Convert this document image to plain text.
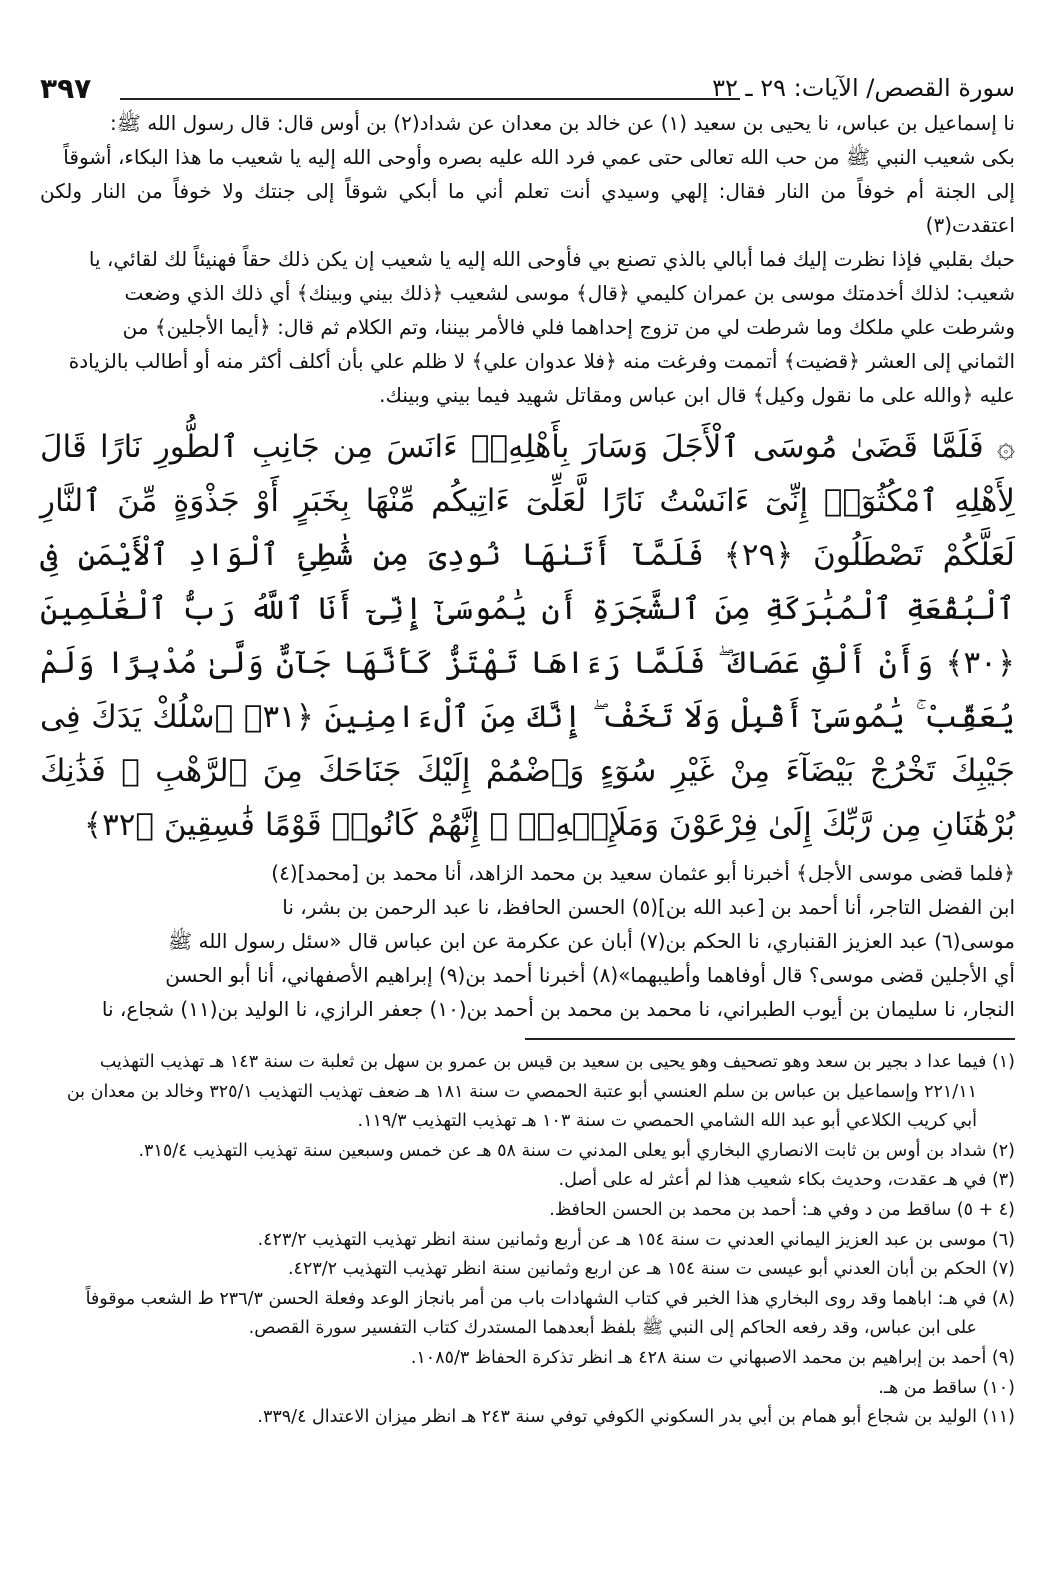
سورة القصص/ الآيات: ٢٩ ـ ٣٢
٣٩٧

نا إسماعيل بن عباس، نا يحيى بن سعيد (١) عن خالد بن معدان عن شداد(٢) بن أوس قال: قال رسول الله ﷺ:

بكى شعيب النبي ﷺ من حب الله تعالى حتى عمي فرد الله عليه بصره وأوحى الله إليه يا شعيب ما هذا البكاء، أشوقاً

إلى الجنة أم خوفاً من النار فقال: إلهي وسيدي أنت تعلم أني ما أبكي شوقاً إلى جنتك ولا خوفاً من النار ولكن اعتقدت(٣)

حبك بقلبي فإذا نظرت إليك فما أبالي بالذي تصنع بي فأوحى الله إليه يا شعيب إن يكن ذلك حقاً فهنيئاً لك لقائي، يا

شعيب: لذلك أخدمتك موسى بن عمران كليمي ﴿قال﴾ موسى لشعيب ﴿ذلك بيني وبينك﴾ أي ذلك الذي وضعت

وشرطت علي ملكك وما شرطت لي من تزوج إحداهما فلي فالأمر بيننا، وتم الكلام ثم قال: ﴿أيما الأجلين﴾ من

الثماني إلى العشر ﴿قضيت﴾ أتممت وفرغت منه ﴿فلا عدوان علي﴾ لا ظلم علي بأن أكلف أكثر منه أو أطالب بالزيادة

عليه ﴿والله على ما نقول وكيل﴾ قال ابن عباس ومقاتل شهيد فيما بيني وبينك.

۞ فَلَمَّا قَضَىٰ مُوسَى ٱلْأَجَلَ وَسَارَ بِأَهْلِهِۦٓ ءَانَسَ مِن جَانِبِ ٱلطُّورِ نَارًا قَالَ لِأَهْلِهِ ٱمْكُثُوٓا۟ إِنِّىٓ ءَانَسْتُ نَارًا لَّعَلِّىٓ ءَاتِيكُم مِّنْهَا بِخَبَرٍ أَوْ جَذْوَةٍ مِّنَ ٱلنَّارِ لَعَلَّكُمْ تَصْطَلُونَ ﴿٢٩﴾ فَلَمَّآ أَتَىٰهَا نُودِىَ مِن شَٰطِئِ ٱلْوَادِ ٱلْأَيْمَنِ فِى ٱلْبُقْعَةِ ٱلْمُبَٰرَكَةِ مِنَ ٱلشَّجَرَةِ أَن يَٰمُوسَىٰٓ إِنِّىٓ أَنَا ٱللَّهُ رَبُّ ٱلْعَٰلَمِينَ ﴿٣٠﴾ وَأَنْ أَلْقِ عَصَاكَ ۖ فَلَمَّا رَءَاهَا تَهْتَزُّ كَأَنَّهَا جَآنٌّ وَلَّىٰ مُدْبِرًا وَلَمْ يُعَقِّبْ ۚ يَٰمُوسَىٰٓ أَقْبِلْ وَلَا تَخَفْ ۖ إِنَّكَ مِنَ ٱلْءَامِنِينَ ﴿٣١﴾ ٱسْلُكْ يَدَكَ فِى جَيْبِكَ تَخْرُجْ بَيْضَآءَ مِنْ غَيْرِ سُوٓءٍ وَٱضْمُمْ إِلَيْكَ جَنَاحَكَ مِنَ ٱلرَّهْبِ ۖ فَذَٰنِكَ بُرْهَٰنَانِ مِن رَّبِّكَ إِلَىٰ فِرْعَوْنَ وَمَلَإِي۟هِۦٓ ۚ إِنَّهُمْ كَانُوا۟ قَوْمًا فَٰسِقِينَ ﴿٣٢﴾

﴿فلما قضى موسى الأجل﴾ أخبرنا أبو عثمان سعيد بن محمد الزاهد، أنا محمد بن [محمد](٤)

ابن الفضل التاجر، أنا أحمد بن [عبد الله بن](٥) الحسن الحافظ، نا عبد الرحمن بن بشر، نا

موسى(٦) عبد العزيز القنباري، نا الحكم بن(٧) أبان عن عكرمة عن ابن عباس قال «سئل رسول الله ﷺ

أي الأجلين قضى موسى؟ قال أوفاهما وأطيبهما»(٨) أخبرنا أحمد بن(٩) إبراهيم الأصفهاني، أنا أبو الحسن

النجار، نا سليمان بن أيوب الطبراني، نا محمد بن محمد بن أحمد بن(١٠) جعفر الرازي، نا الوليد بن(١١) شجاع، نا

(١) فيما عدا د بجير بن سعد وهو تصحيف وهو يحيى بن سعيد بن قيس بن عمرو بن سهل بن ثعلبة ت سنة ١٤٣ هـ تهذيب التهذيب
٢٢١/١١ وإسماعيل بن عباس بن سلم العنسي أبو عتبة الحمصي ت سنة ١٨١ هـ ضعف تهذيب التهذيب ٣٢٥/١ وخالد بن معدان بن
أبي كريب الكلاعي أبو عبد الله الشامي الحمصي ت سنة ١٠٣ هـ تهذيب التهذيب ١١٩/٣.

(٢) شداد بن أوس بن ثابت الانصاري البخاري أبو يعلى المدني ت سنة ٥٨ هـ عن خمس وسبعين سنة تهذيب التهذيب ٣١٥/٤.

(٣) في هـ عقدت، وحديث بكاء شعيب هذا لم أعثر له على أصل.

(٤ + ٥) ساقط من د وفي هـ: أحمد بن محمد بن الحسن الحافظ.

(٦) موسى بن عبد العزيز اليماني العدني ت سنة ١٥٤ هـ عن أربع وثمانين سنة انظر تهذيب التهذيب ٤٢٣/٢.

(٧) الحكم بن أبان العدني أبو عيسى ت سنة ١٥٤ هـ عن اربع وثمانين سنة انظر تهذيب التهذيب ٤٢٣/٢.

(٨) في هـ: اباهما وقد روى البخاري هذا الخبر في كتاب الشهادات باب من أمر بانجاز الوعد وفعلة الحسن ٢٣٦/٣ ط الشعب موقوفاً
على ابن عباس، وقد رفعه الحاكم إلى النبي ﷺ بلفظ أبعدهما المستدرك كتاب التفسير سورة القصص.

(٩) أحمد بن إبراهيم بن محمد الاصبهاني ت سنة ٤٢٨ هـ انظر تذكرة الحفاظ ١٠٨٥/٣.

(١٠) ساقط من هـ.

(١١) الوليد بن شجاع أبو همام بن أبي بدر السكوني الكوفي توفي سنة ٢٤٣ هـ انظر ميزان الاعتدال ٣٣٩/٤.
